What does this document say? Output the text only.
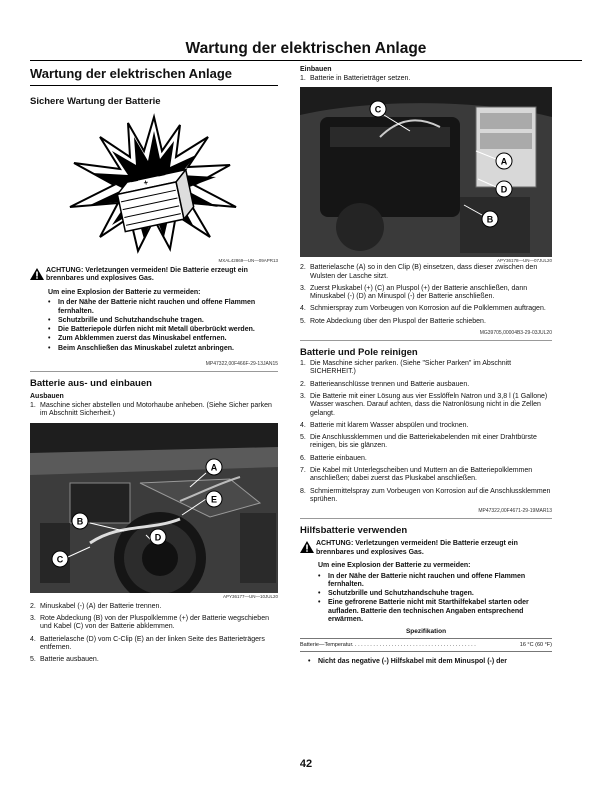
Wartung der elektrischen Anlage
Wartung der elektrischen Anlage
Sichere Wartung der Batterie
+
MXAL42869—UN—09APR13
ACHTUNG: Verletzungen vermeiden! Die Batterie erzeugt ein brennbares und explosives Gas.
Um eine Explosion der Batterie zu vermeiden:
•	In der Nähe der Batterie nicht rauchen und offene Flammen fernhalten.
•	Schutzbrille und Schutzhandschuhe tragen.
•	Die Batteriepole dürfen nicht mit Metall überbrückt werden.
•	Zum Abklemmen zuerst das Minuskabel entfernen.
•	Beim Anschließen das Minuskabel zuletzt anbringen.
MP47322,00F466F-29-13JAN15
Batterie aus- und einbauen
Ausbauen
1. Maschine sicher abstellen und Motorhaube anheben. (Siehe Sicher parken im Abschnitt Sicherheit.)
A
E
B
D
C
APY36177—UN—10JUL20
2. Minuskabel (-) (A) der Batterie trennen.
3. Rote Abdeckung (B) von der Pluspolklemme (+) der Batterie wegschieben und Kabel (C) von der Batterie abklemmen.
4. Batterielasche (D) vom C-Clip (E) an der linken Seite des Batterieträgers entfernen.
5. Batterie ausbauen.
Einbauen
1. Batterie in Batterieträger setzen.
C
A
D
B
APY36178—UN—07JUL20
2. Batterielasche (A) so in den Clip (B) einsetzen, dass dieser zwischen den Wulsten der Lasche sitzt.
3. Zuerst Pluskabel (+) (C) an Pluspol (+) der Batterie anschließen, dann Minuskabel (-) (D) an Minuspol (-) der Batterie anschließen.
4. Schmierspray zum Vorbeugen von Korrosion auf die Polklemmen auftragen.
5. Rote Abdeckung über den Pluspol der Batterie schieben.
MG39705,00004B3-29-03JUL20
Batterie und Pole reinigen
1. Die Maschine sicher parken. (Siehe "Sicher Parken" im Abschnitt SICHERHEIT.)
2. Batterieanschlüsse trennen und Batterie ausbauen.
3. Die Batterie mit einer Lösung aus vier Esslöffeln Natron und 3,8 l (1 Gallone) Wasser waschen. Darauf achten, dass die Natronlösung nicht in die Zellen gelangt.
4. Batterie mit klarem Wasser abspülen und trocknen.
5. Die Anschlussklemmen und die Batteriekabelenden mit einer Drahtbürste reinigen, bis sie glänzen.
6. Batterie einbauen.
7. Die Kabel mit Unterlegscheiben und Muttern an die Batteriepolklemmen anschließen; dabei zuerst das Pluskabel anschließen.
8. Schmiermittelspray zum Vorbeugen von Korrosion auf die Anschlussklemmen sprühen.
MP47322,00F4671-29-19MAR13
Hilfsbatterie verwenden
ACHTUNG: Verletzungen vermeiden! Die Batterie erzeugt ein brennbares und explosives Gas.
Um eine Explosion der Batterie zu vermeiden:
•	In der Nähe der Batterie nicht rauchen und offene Flammen fernhalten.
•	Schutzbrille und Schutzhandschuhe tragen.
•	Eine gefrorene Batterie nicht mit Starthilfekabel starten oder aufladen. Batterie den technischen Angaben entsprechend erwärmen.
Spezifikation
Batterie—Temperatur. . . . . . . . . . . . . . . . . . . . . . . . . . . . . . . . . . . . . . . . .	16 °C (60 °F)
•	Nicht das negative (-) Hilfskabel mit dem Minuspol (-) der
42
